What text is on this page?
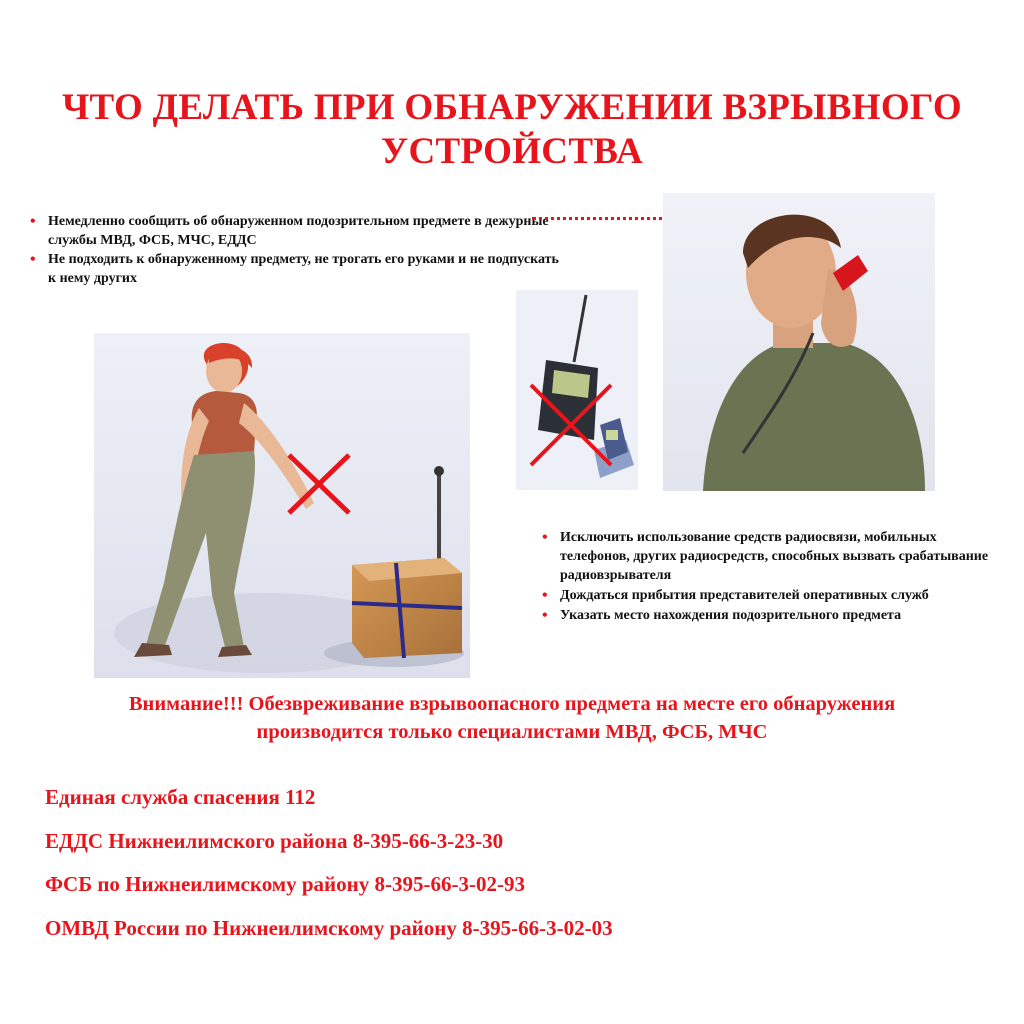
ЧТО ДЕЛАТЬ ПРИ ОБНАРУЖЕНИИ ВЗРЫВНОГО
УСТРОЙСТВА
• Немедленно сообщить об обнаруженном подозрительном предмете в дежурные службы МВД, ФСБ, МЧС, ЕДДС
• Не подходить к обнаруженному предмету, не трогать его руками и не подпускать к нему других
• Исключить использование средств радиосвязи, мобильных телефонов, других радиосредств, способных вызвать срабатывание радиовзрывателя
• Дождаться прибытия представителей оперативных служб
• Указать место нахождения подозрительного предмета
Внимание!!! Обезвреживание взрывоопасного предмета на месте его обнаружения
производится только специалистами МВД, ФСБ, МЧС
Единая служба спасения 112
ЕДДС Нижнеилимского района 8-395-66-3-23-30
ФСБ по Нижнеилимскому району 8-395-66-3-02-93
ОМВД России по Нижнеилимскому району 8-395-66-3-02-03
